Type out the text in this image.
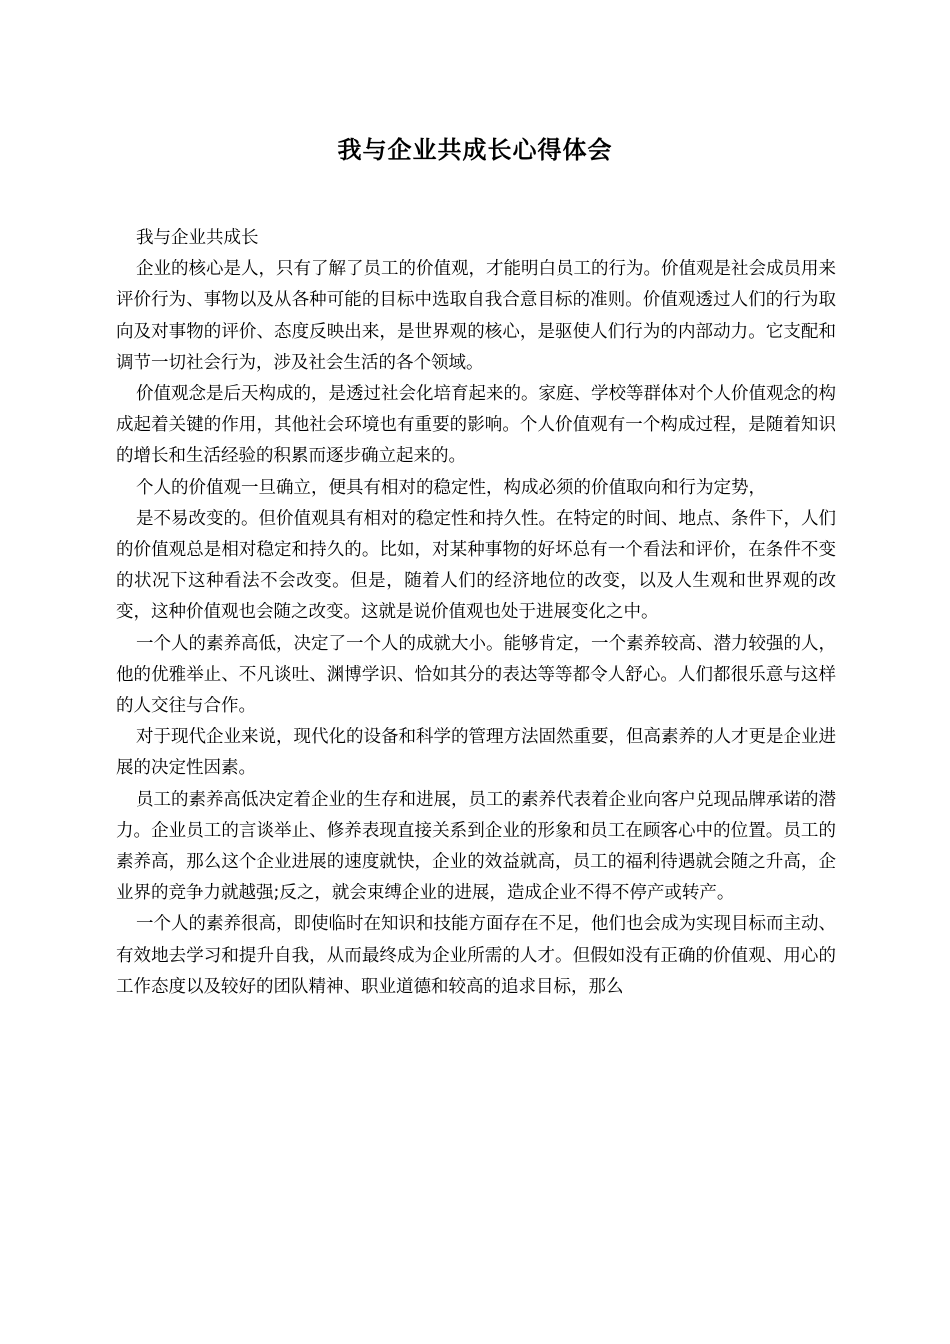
我与企业共成长心得体会

我与企业共成长

企业的核心是人，只有了解了员工的价值观，才能明白员工的行为。价值观是社会成员用来评价行为、事物以及从各种可能的目标中选取自我合意目标的准则。价值观透过人们的行为取向及对事物的评价、态度反映出来，是世界观的核心，是驱使人们行为的内部动力。它支配和调节一切社会行为，涉及社会生活的各个领域。

价值观念是后天构成的，是透过社会化培育起来的。家庭、学校等群体对个人价值观念的构成起着关键的作用，其他社会环境也有重要的影响。个人价值观有一个构成过程，是随着知识的增长和生活经验的积累而逐步确立起来的。

个人的价值观一旦确立，便具有相对的稳定性，构成必须的价值取向和行为定势，

是不易改变的。但价值观具有相对的稳定性和持久性。在特定的时间、地点、条件下，人们的价值观总是相对稳定和持久的。比如，对某种事物的好坏总有一个看法和评价，在条件不变的状况下这种看法不会改变。但是，随着人们的经济地位的改变，以及人生观和世界观的改变，这种价值观也会随之改变。这就是说价值观也处于进展变化之中。

一个人的素养高低，决定了一个人的成就大小。能够肯定，一个素养较高、潜力较强的人，他的优雅举止、不凡谈吐、渊博学识、恰如其分的表达等等都令人舒心。人们都很乐意与这样的人交往与合作。

对于现代企业来说，现代化的设备和科学的管理方法固然重要，但高素养的人才更是企业进展的决定性因素。

员工的素养高低决定着企业的生存和进展，员工的素养代表着企业向客户兑现品牌承诺的潜力。企业员工的言谈举止、修养表现直接关系到企业的形象和员工在顾客心中的位置。员工的素养高，那么这个企业进展的速度就快，企业的效益就高，员工的福利待遇就会随之升高，企业界的竞争力就越强;反之，就会束缚企业的进展，造成企业不得不停产或转产。

一个人的素养很高，即使临时在知识和技能方面存在不足，他们也会成为实现目标而主动、有效地去学习和提升自我，从而最终成为企业所需的人才。但假如没有正确的价值观、用心的工作态度以及较好的团队精神、职业道德和较高的追求目标，那么
